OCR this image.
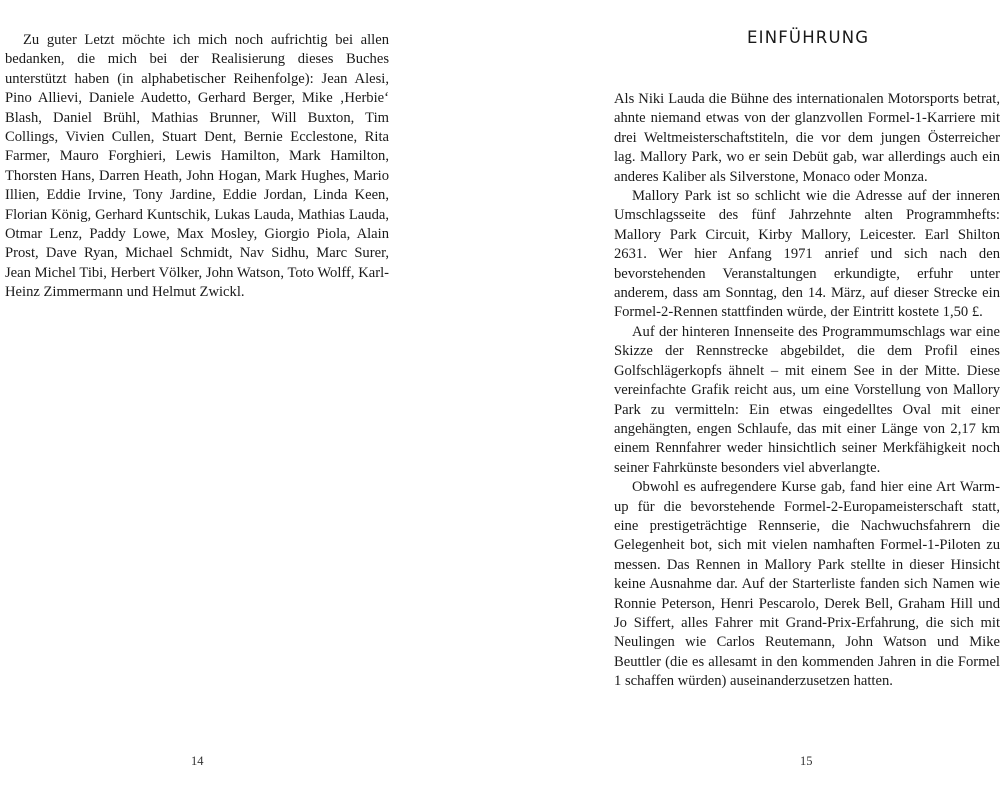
Zu guter Letzt möchte ich mich noch aufrichtig bei allen bedanken, die mich bei der Realisierung dieses Buches unterstützt haben (in alphabetischer Reihenfolge): Jean Alesi, Pino Allievi, Daniele Audetto, Gerhard Berger, Mike ‚Herbie‘ Blash, Daniel Brühl, Mathias Brunner, Will Buxton, Tim Collings, Vivien Cullen, Stuart Dent, Bernie Ecclestone, Rita Farmer, Mauro Forghieri, Lewis Hamilton, Mark Hamilton, Thorsten Hans, Darren Heath, John Hogan, Mark Hughes, Mario Illien, Eddie Irvine, Tony Jardine, Eddie Jordan, Linda Keen, Florian König, Gerhard Kuntschik, Lukas Lauda, Mathias Lauda, Otmar Lenz, Paddy Lowe, Max Mosley, Giorgio Piola, Alain Prost, Dave Ryan, Michael Schmidt, Nav Sidhu, Marc Surer, Jean Michel Tibi, Herbert Völker, John Watson, Toto Wolff, Karl-Heinz Zimmermann und Helmut Zwickl.

14
EINFÜHRUNG

Als Niki Lauda die Bühne des internationalen Motorsports betrat, ahnte niemand etwas von der glanzvollen Formel-1-Karriere mit drei Weltmeisterschaftstiteln, die vor dem jungen Österreicher lag. Mallory Park, wo er sein Debüt gab, war allerdings auch ein anderes Kaliber als Silverstone, Monaco oder Monza.

Mallory Park ist so schlicht wie die Adresse auf der inneren Umschlagsseite des fünf Jahrzehnte alten Programmhefts: Mallory Park Circuit, Kirby Mallory, Leicester. Earl Shilton 2631. Wer hier Anfang 1971 anrief und sich nach den bevorstehenden Veranstaltungen erkundigte, erfuhr unter anderem, dass am Sonntag, den 14. März, auf dieser Strecke ein Formel-2-Rennen stattfinden würde, der Eintritt kostete 1,50 £.

Auf der hinteren Innenseite des Programmumschlags war eine Skizze der Rennstrecke abgebildet, die dem Profil eines Golfschlägerkopfs ähnelt – mit einem See in der Mitte. Diese vereinfachte Grafik reicht aus, um eine Vorstellung von Mallory Park zu vermitteln: Ein etwas eingedelltes Oval mit einer angehängten, engen Schlaufe, das mit einer Länge von 2,17 km einem Rennfahrer weder hinsichtlich seiner Merkfähigkeit noch seiner Fahrkünste besonders viel abverlangte.

Obwohl es aufregendere Kurse gab, fand hier eine Art Warm-up für die bevorstehende Formel-2-Europameisterschaft statt, eine prestigeträchtige Rennserie, die Nachwuchsfahrern die Gelegenheit bot, sich mit vielen namhaften Formel-1-Piloten zu messen. Das Rennen in Mallory Park stellte in dieser Hinsicht keine Ausnahme dar. Auf der Starterliste fanden sich Namen wie Ronnie Peterson, Henri Pescarolo, Derek Bell, Graham Hill und Jo Siffert, alles Fahrer mit Grand-Prix-Erfahrung, die sich mit Neulingen wie Carlos Reutemann, John Watson und Mike Beuttler (die es allesamt in den kommenden Jahren in die Formel 1 schaffen würden) auseinanderzusetzen hatten.

15
